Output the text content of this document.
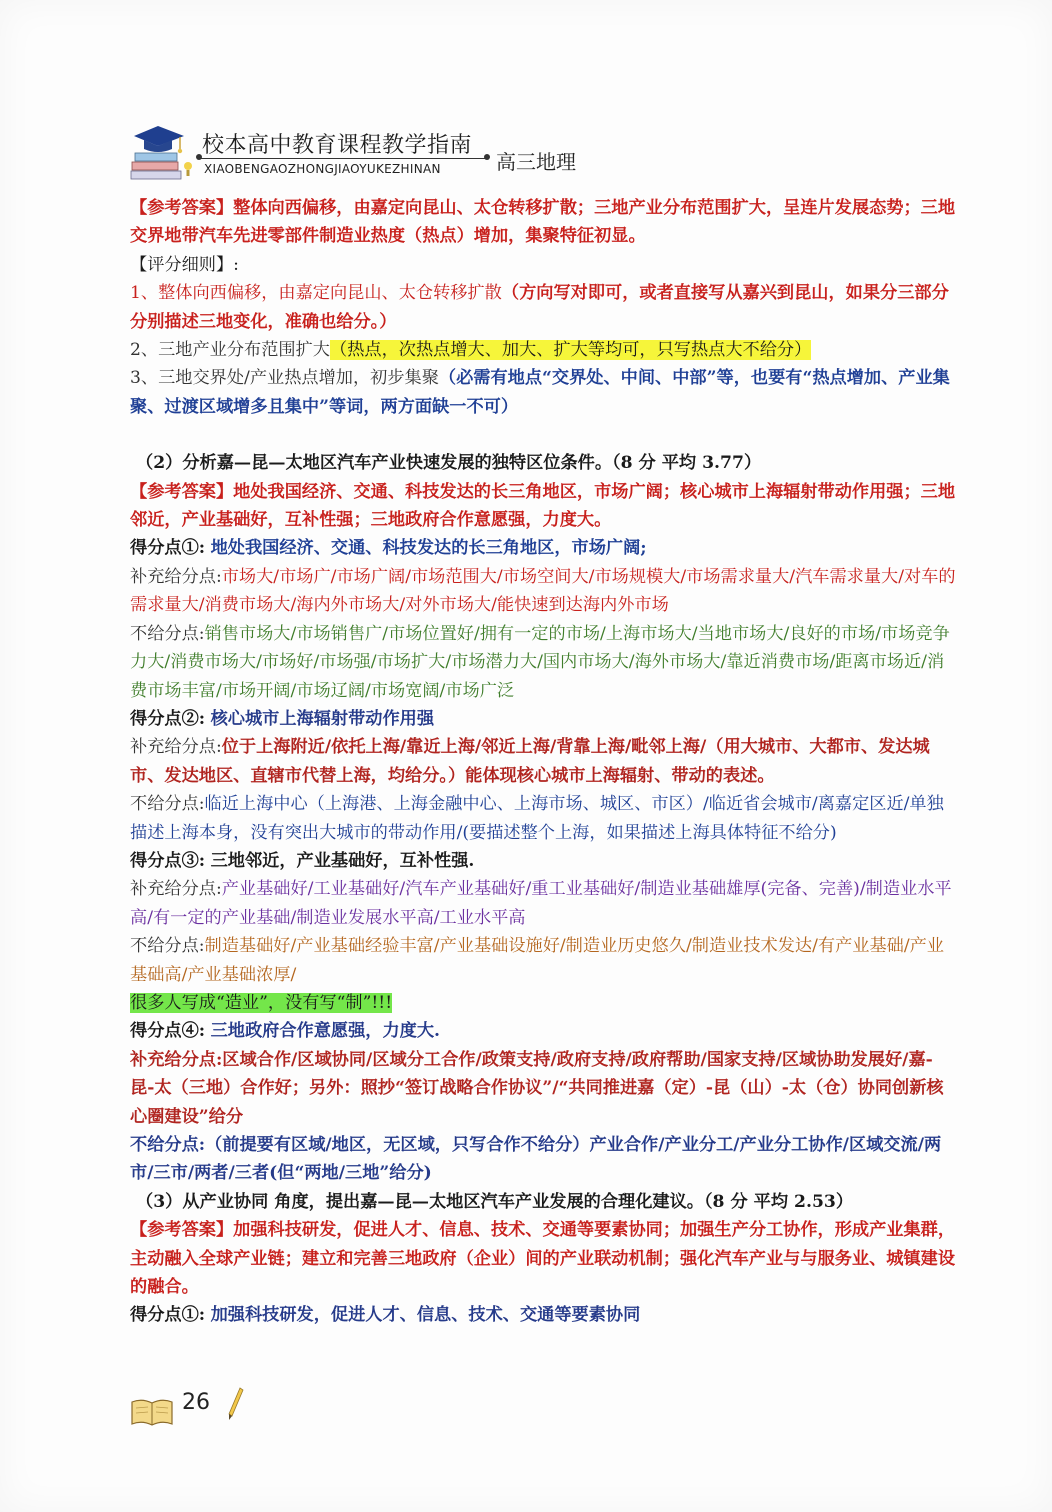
校本高中教育课程教学指南
XIAOBENGAOZHONGJIAOYUKEZHINAN	高三地理

【参考答案】整体向西偏移，由嘉定向昆山、太仓转移扩散；三地产业分布范围扩大，呈连片发展态势；三地交界地带汽车先进零部件制造业热度（热点）增加，集聚特征初显。

【评分细则】:

1、整体向西偏移，由嘉定向昆山、太仓转移扩散（方向写对即可，或者直接写从嘉兴到昆山，如果分三部分分别描述三地变化，准确也给分。）

2、三地产业分布范围扩大（热点，次热点增大、加大、扩大等均可，只写热点大不给分）

3、三地交界处/产业热点增加，初步集聚（必需有地点“交界处、中间、中部”等，也要有“热点增加、产业集聚、过渡区域增多且集中”等词，两方面缺一不可）

（2）分析嘉—昆—太地区汽车产业快速发展的独特区位条件。（8 分 平均 3.77）

【参考答案】地处我国经济、交通、科技发达的长三角地区，市场广阔；核心城市上海辐射带动作用强；三地邻近，产业基础好，互补性强；三地政府合作意愿强，力度大。

得分点①: 地处我国经济、交通、科技发达的长三角地区，市场广阔;

补充给分点:市场大/市场广/市场广阔/市场范围大/市场空间大/市场规模大/市场需求量大/汽车需求量大/对车的需求量大/消费市场大/海内外市场大/对外市场大/能快速到达海内外市场

不给分点:销售市场大/市场销售广/市场位置好/拥有一定的市场/上海市场大/当地市场大/良好的市场/市场竞争力大/消费市场大/市场好/市场强/市场扩大/市场潜力大/国内市场大/海外市场大/靠近消费市场/距离市场近/消费市场丰富/市场开阔/市场辽阔/市场宽阔/市场广泛

得分点②: 核心城市上海辐射带动作用强

补充给分点:位于上海附近/依托上海/靠近上海/邻近上海/背靠上海/毗邻上海/（用大城市、大都市、发达城市、发达地区、直辖市代替上海，均给分。）能体现核心城市上海辐射、带动的表述。

不给分点:临近上海中心（上海港、上海金融中心、上海市场、城区、市区）/临近省会城市/离嘉定区近/单独描述上海本身，没有突出大城市的带动作用/(要描述整个上海，如果描述上海具体特征不给分)

得分点③: 三地邻近，产业基础好，互补性强.

补充给分点:产业基础好/工业基础好/汽车产业基础好/重工业基础好/制造业基础雄厚(完备、完善)/制造业水平高/有一定的产业基础/制造业发展水平高/工业水平高

不给分点:制造基础好/产业基础经验丰富/产业基础设施好/制造业历史悠久/制造业技术发达/有产业基础/产业基础高/产业基础浓厚/

很多人写成“造业”，没有写“制”!!!

得分点④: 三地政府合作意愿强，力度大.

补充给分点:区域合作/区域协同/区域分工合作/政策支持/政府支持/政府帮助/国家支持/区域协助发展好/嘉-昆-太（三地）合作好；另外：照抄“签订战略合作协议”/“共同推进嘉（定）-昆（山）-太（仓）协同创新核心圈建设”给分

不给分点:（前提要有区域/地区，无区域，只写合作不给分）产业合作/产业分工/产业分工协作/区域交流/两市/三市/两者/三者(但“两地/三地”给分)

（3）从产业协同 角度，提出嘉—昆—太地区汽车产业发展的合理化建议。（8 分 平均 2.53）

【参考答案】加强科技研发，促进人才、信息、技术、交通等要素协同；加强生产分工协作，形成产业集群，主动融入全球产业链；建立和完善三地政府（企业）间的产业联动机制；强化汽车产业与与服务业、城镇建设的融合。

得分点①: 加强科技研发，促进人才、信息、技术、交通等要素协同

26
